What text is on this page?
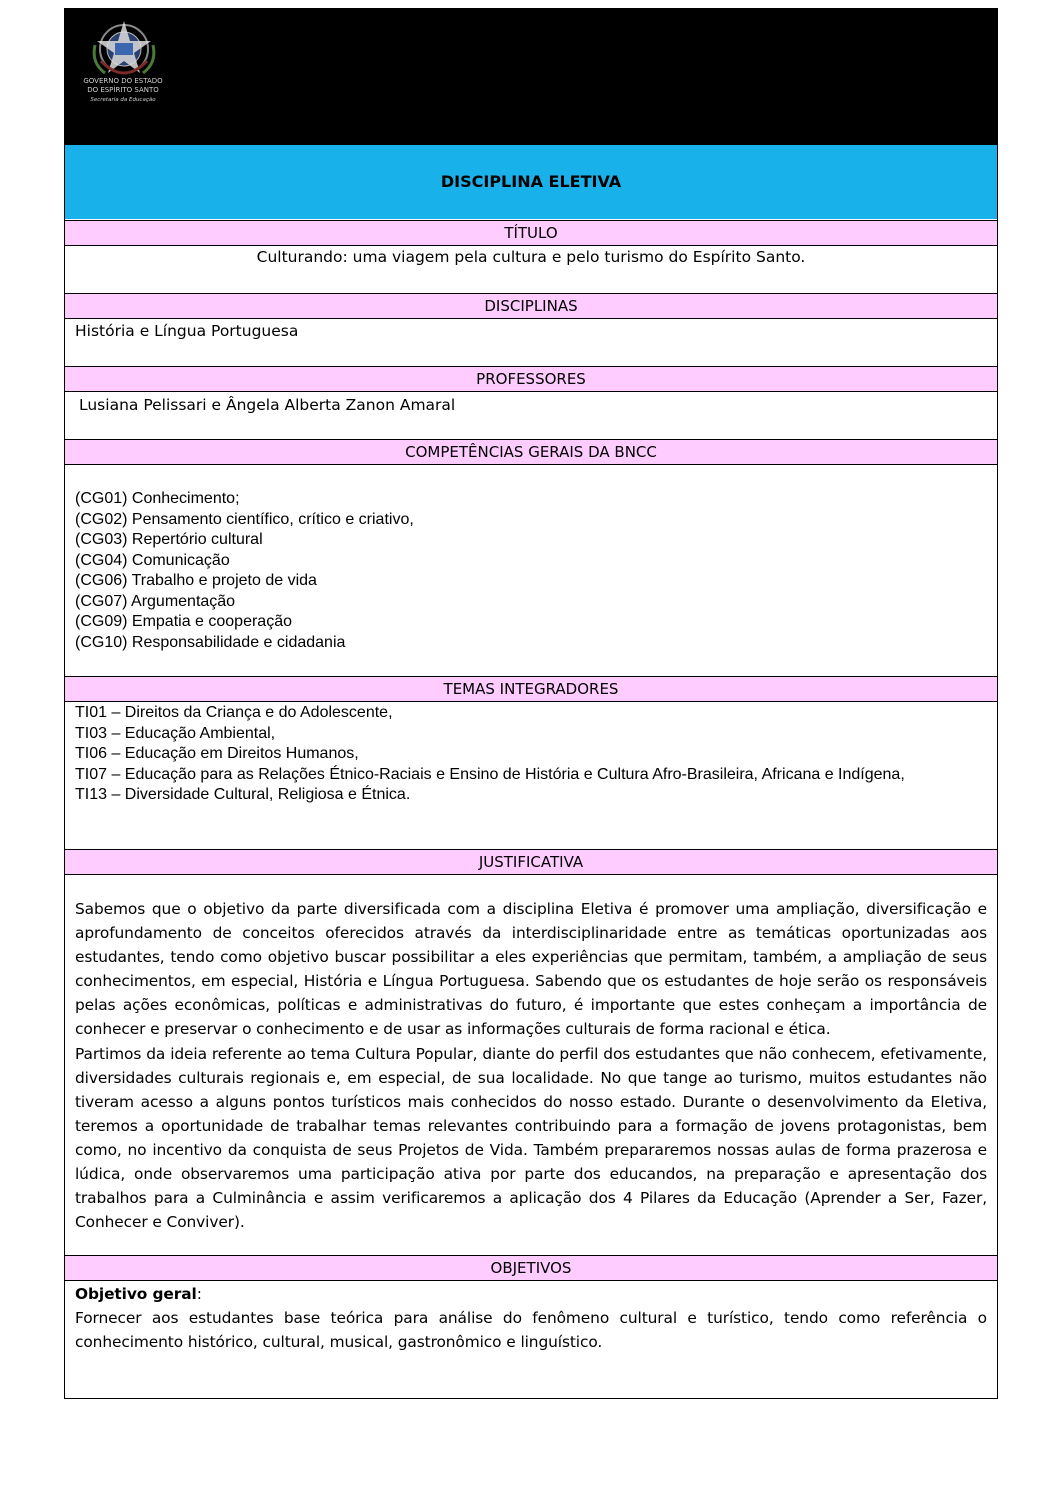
GOVERNO DO ESTADO
DO ESPÍRITO SANTO
Secretaria da Educação
DISCIPLINA ELETIVA
TÍTULO
Culturando: uma viagem pela cultura e pelo turismo do Espírito Santo.
DISCIPLINAS
História e Língua Portuguesa
PROFESSORES
Lusiana Pelissari e Ângela Alberta Zanon Amaral
COMPETÊNCIAS GERAIS DA BNCC
(CG01) Conhecimento;
(CG02) Pensamento científico, crítico e criativo,
(CG03) Repertório cultural
(CG04) Comunicação
(CG06) Trabalho e projeto de vida
(CG07) Argumentação
(CG09) Empatia e cooperação
(CG10) Responsabilidade e cidadania
TEMAS INTEGRADORES
TI01 – Direitos da Criança e do Adolescente,
TI03 – Educação Ambiental,
TI06 – Educação em Direitos Humanos,
TI07 – Educação para as Relações Étnico-Raciais e Ensino de História e Cultura Afro-Brasileira, Africana e Indígena,
TI13 – Diversidade Cultural, Religiosa e Étnica.
JUSTIFICATIVA
Sabemos que o objetivo da parte diversificada com a disciplina Eletiva é promover uma ampliação, diversificação e aprofundamento de conceitos oferecidos através da interdisciplinaridade entre as temáticas oportunizadas aos estudantes, tendo como objetivo buscar possibilitar a eles experiências que permitam, também, a ampliação de seus conhecimentos, em especial, História e Língua Portuguesa. Sabendo que os estudantes de hoje serão os responsáveis pelas ações econômicas, políticas e administrativas do futuro, é importante que estes conheçam a importância de conhecer e preservar o conhecimento e de usar as informações culturais de forma racional e ética.
Partimos da ideia referente ao tema Cultura Popular, diante do perfil dos estudantes que não conhecem, efetivamente, diversidades culturais regionais e, em especial, de sua localidade. No que tange ao turismo, muitos estudantes não tiveram acesso a alguns pontos turísticos mais conhecidos do nosso estado. Durante o desenvolvimento da Eletiva, teremos a oportunidade de trabalhar temas relevantes contribuindo para a formação de jovens protagonistas, bem como, no incentivo da conquista de seus Projetos de Vida. Também prepararemos nossas aulas de forma prazerosa e lúdica, onde observaremos uma participação ativa por parte dos educandos, na preparação e apresentação dos trabalhos para a Culminância e assim verificaremos a aplicação dos 4 Pilares da Educação (Aprender a Ser, Fazer, Conhecer e Conviver).
OBJETIVOS
Objetivo geral:
Fornecer aos estudantes base teórica para análise do fenômeno cultural e turístico, tendo como referência o conhecimento histórico, cultural, musical, gastronômico e linguístico.
